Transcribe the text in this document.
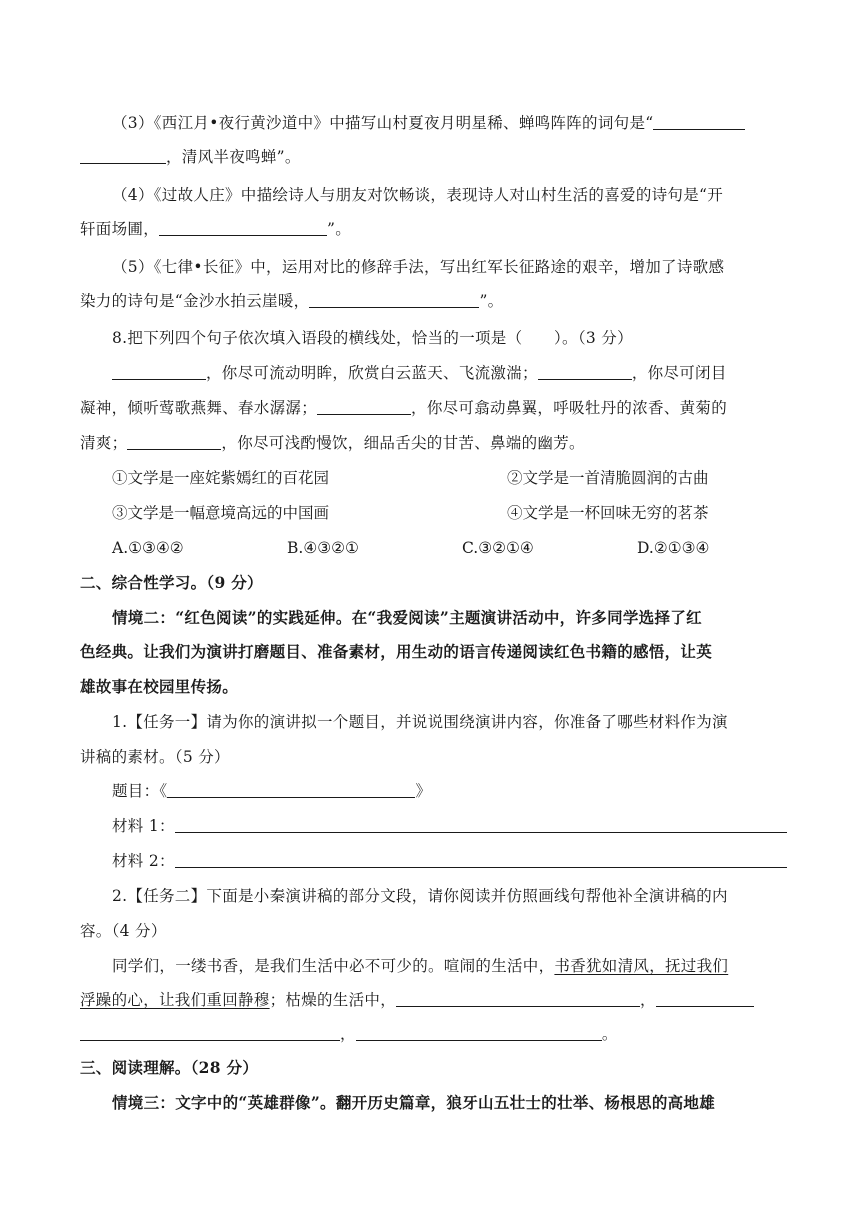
（3）《西江月•夜行黄沙道中》中描写山村夏夜月明星稀、蝉鸣阵阵的词句是“
，清风半夜鸣蝉”。
（4）《过故人庄》中描绘诗人与朋友对饮畅谈，表现诗人对山村生活的喜爱的诗句是“开
轩面场圃，	”。
（5）《七律•长征》中，运用对比的修辞手法，写出红军长征路途的艰辛，增加了诗歌感
染力的诗句是“金沙水拍云崖暖，	”。
8.把下列四个句子依次填入语段的横线处，恰当的一项是（　　）。（3 分）
，你尽可流动明眸，欣赏白云蓝天、飞流激湍；	，你尽可闭目
凝神，倾听莺歌燕舞、春水潺潺；	，你尽可翕动鼻翼，呼吸牡丹的浓香、黄菊的
清爽；	，你尽可浅酌慢饮，细品舌尖的甘苦、鼻端的幽芳。
①文学是一座姹紫嫣红的百花园	②文学是一首清脆圆润的古曲
③文学是一幅意境高远的中国画	④文学是一杯回味无穷的茗茶
A.①③④②	B.④③②①	C.③②①④	D.②①③④
二、综合性学习。（9 分）
情境二：“红色阅读”的实践延伸。在“我爱阅读”主题演讲活动中，许多同学选择了红
色经典。让我们为演讲打磨题目、准备素材，用生动的语言传递阅读红色书籍的感悟，让英
雄故事在校园里传扬。
1.【任务一】请为你的演讲拟一个题目，并说说围绕演讲内容，你准备了哪些材料作为演
讲稿的素材。（5 分）
题目：《	》
材料 1：
材料 2：
2.【任务二】下面是小秦演讲稿的部分文段，请你阅读并仿照画线句帮他补全演讲稿的内
容。（4 分）
同学们，一缕书香，是我们生活中必不可少的。喧闹的生活中，书香犹如清风，抚过我们
浮躁的心，让我们重回静穆；枯燥的生活中，	，
，	。
三、阅读理解。（28 分）
情境三：文字中的“英雄群像”。翻开历史篇章，狼牙山五壮士的壮举、杨根思的高地雄
